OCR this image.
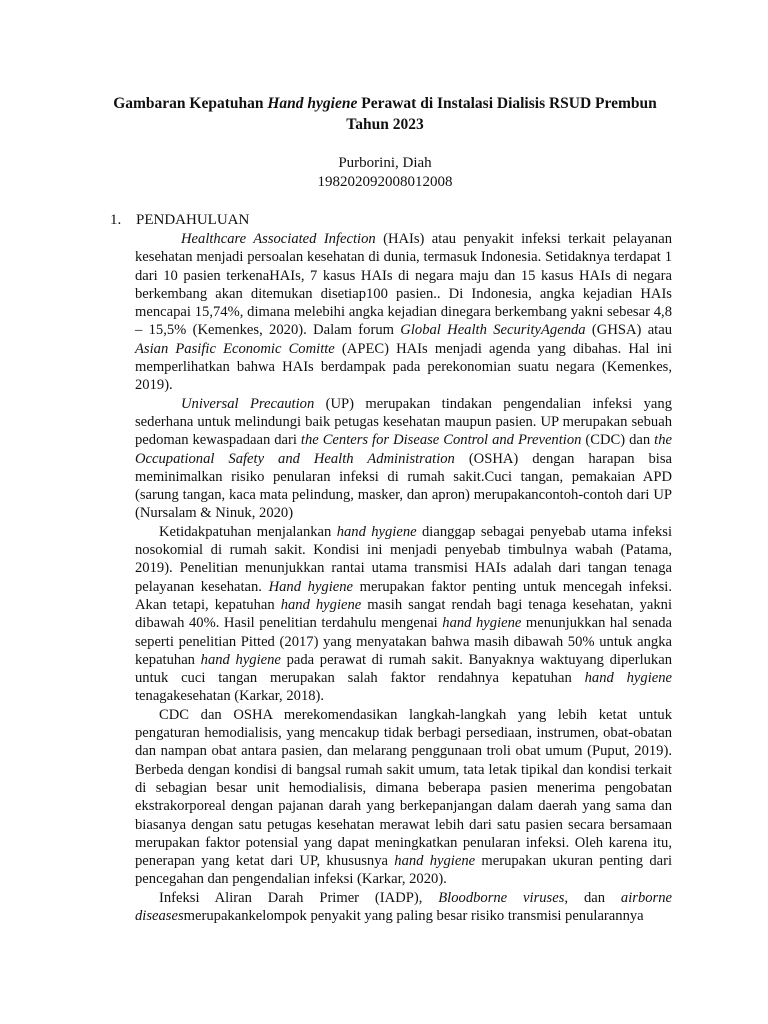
Gambaran Kepatuhan Hand hygiene Perawat di Instalasi Dialisis RSUD Prembun Tahun 2023
Purborini, Diah
198202092008012008
1. PENDAHULUAN

Healthcare Associated Infection (HAIs) atau penyakit infeksi terkait pelayanan kesehatan menjadi persoalan kesehatan di dunia, termasuk Indonesia. Setidaknya terdapat 1 dari 10 pasien terkenaHAIs, 7 kasus HAIs di negara maju dan 15 kasus HAIs di negara berkembang akan ditemukan disetiap100 pasien.. Di Indonesia, angka kejadian HAIs mencapai 15,74%, dimana melebihi angka kejadian dinegara berkembang yakni sebesar 4,8 – 15,5% (Kemenkes, 2020). Dalam forum Global Health SecurityAgenda (GHSA) atau Asian Pasific Economic Comitte (APEC) HAIs menjadi agenda yang dibahas. Hal ini memperlihatkan bahwa HAIs berdampak pada perekonomian suatu negara (Kemenkes, 2019).

Universal Precaution (UP) merupakan tindakan pengendalian infeksi yang sederhana untuk melindungi baik petugas kesehatan maupun pasien. UP merupakan sebuah pedoman kewaspadaan dari the Centers for Disease Control and Prevention (CDC) dan the Occupational Safety and Health Administration (OSHA) dengan harapan bisa meminimalkan risiko penularan infeksi di rumah sakit.Cuci tangan, pemakaian APD (sarung tangan, kaca mata pelindung, masker, dan apron) merupakancontoh-contoh dari UP (Nursalam & Ninuk, 2020)

Ketidakpatuhan menjalankan hand hygiene dianggap sebagai penyebab utama infeksi nosokomial di rumah sakit. Kondisi ini menjadi penyebab timbulnya wabah (Patama, 2019). Penelitian menunjukkan rantai utama transmisi HAIs adalah dari tangan tenaga pelayanan kesehatan. Hand hygiene merupakan faktor penting untuk mencegah infeksi. Akan tetapi, kepatuhan hand hygiene masih sangat rendah bagi tenaga kesehatan, yakni dibawah 40%. Hasil penelitian terdahulu mengenai hand hygiene menunjukkan hal senada seperti penelitian Pitted (2017) yang menyatakan bahwa masih dibawah 50% untuk angka kepatuhan hand hygiene pada perawat di rumah sakit. Banyaknya waktuyang diperlukan untuk cuci tangan merupakan salah faktor rendahnya kepatuhan hand hygiene tenagakesehatan (Karkar, 2018).

CDC dan OSHA merekomendasikan langkah-langkah yang lebih ketat untuk pengaturan hemodialisis, yang mencakup tidak berbagi persediaan, instrumen, obat-obatan dan nampan obat antara pasien, dan melarang penggunaan troli obat umum (Puput, 2019). Berbeda dengan kondisi di bangsal rumah sakit umum, tata letak tipikal dan kondisi terkait di sebagian besar unit hemodialisis, dimana beberapa pasien menerima pengobatan ekstrakorporeal dengan pajanan darah yang berkepanjangan dalam daerah yang sama dan biasanya dengan satu petugas kesehatan merawat lebih dari satu pasien secara bersamaan merupakan faktor potensial yang dapat meningkatkan penularan infeksi. Oleh karena itu, penerapan yang ketat dari UP, khususnya hand hygiene merupakan ukuran penting dari pencegahan dan pengendalian infeksi (Karkar, 2020).

Infeksi Aliran Darah Primer (IADP), Bloodborne viruses, dan airborne diseasesmerupakankelompok penyakit yang paling besar risiko transmisi penularannya
